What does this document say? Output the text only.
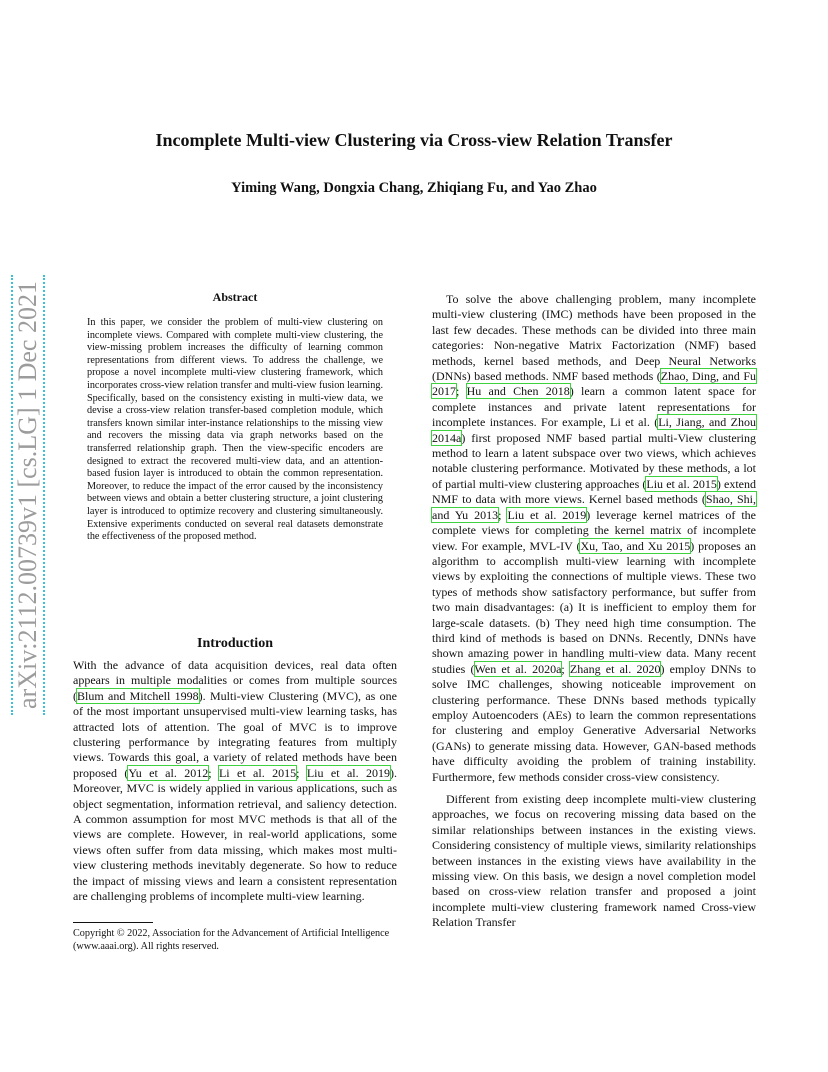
Incomplete Multi-view Clustering via Cross-view Relation Transfer
Yiming Wang, Dongxia Chang, Zhiqiang Fu, and Yao Zhao
arXiv:2112.00739v1 [cs.LG] 1 Dec 2021	Abstract
In this paper, we consider the problem of multi-view clustering on incomplete views. Compared with complete multi-view clustering, the view-missing problem increases the difficulty of learning common representations from different views. To address the challenge, we propose a novel incomplete multi-view clustering framework, which incorporates cross-view relation transfer and multi-view fusion learning. Specifically, based on the consistency existing in multi-view data, we devise a cross-view relation transfer-based completion module, which transfers known similar inter-instance relationships to the missing view and recovers the missing data via graph networks based on the transferred relationship graph. Then the view-specific encoders are designed to extract the recovered multi-view data, and an attention-based fusion layer is introduced to obtain the common representation. Moreover, to reduce the impact of the error caused by the inconsistency between views and obtain a better clustering structure, a joint clustering layer is introduced to optimize recovery and clustering simultaneously. Extensive experiments conducted on several real datasets demonstrate the effectiveness of the proposed method.
Introduction

With the advance of data acquisition devices, real data often appears in multiple modalities or comes from multiple sources (Blum and Mitchell 1998). Multi-view Clustering (MVC), as one of the most important unsupervised multi-view learning tasks, has attracted lots of attention. The goal of MVC is to improve clustering performance by integrating features from multiply views. Towards this goal, a variety of related methods have been proposed (Yu et al. 2012; Li et al. 2015; Liu et al. 2019). Moreover, MVC is widely applied in various applications, such as object segmentation, information retrieval, and saliency detection. A common assumption for most MVC methods is that all of the views are complete. However, in real-world applications, some views often suffer from data missing, which makes most multi-view clustering methods inevitably degenerate. So how to reduce the impact of missing views and learn a consistent representation are challenging problems of incomplete multi-view learning.

Copyright © 2022, Association for the Advancement of Artificial Intelligence (www.aaai.org). All rights reserved.

To solve the above challenging problem, many incomplete multi-view clustering (IMC) methods have been proposed in the last few decades. These methods can be divided into three main categories: Non-negative Matrix Factorization (NMF) based methods, kernel based methods, and Deep Neural Networks (DNNs) based methods. NMF based methods (Zhao, Ding, and Fu 2017; Hu and Chen 2018) learn a common latent space for complete instances and private latent representations for incomplete instances. For example, Li et al. (Li, Jiang, and Zhou 2014a) first proposed NMF based partial multi-View clustering method to learn a latent subspace over two views, which achieves notable clustering performance. Motivated by these methods, a lot of partial multi-view clustering approaches (Liu et al. 2015) extend NMF to data with more views. Kernel based methods (Shao, Shi, and Yu 2013; Liu et al. 2019) leverage kernel matrices of the complete views for completing the kernel matrix of incomplete view. For example, MVL-IV (Xu, Tao, and Xu 2015) proposes an algorithm to accomplish multi-view learning with incomplete views by exploiting the connections of multiple views. These two types of methods show satisfactory performance, but suffer from two main disadvantages: (a) It is inefficient to employ them for large-scale datasets. (b) They need high time consumption. The third kind of methods is based on DNNs. Recently, DNNs have shown amazing power in handling multi-view data. Many recent studies (Wen et al. 2020a; Zhang et al. 2020) employ DNNs to solve IMC challenges, showing noticeable improvement on clustering performance. These DNNs based methods typically employ Autoencoders (AEs) to learn the common representations for clustering and employ Generative Adversarial Networks (GANs) to generate missing data. However, GAN-based methods have difficulty avoiding the problem of training instability. Furthermore, few methods consider cross-view consistency.

Different from existing deep incomplete multi-view clustering approaches, we focus on recovering missing data based on the similar relationships between instances in the existing views. Considering consistency of multiple views, similarity relationships between instances in the existing views have availability in the missing view. On this basis, we design a novel completion model based on cross-view relation transfer and proposed a joint incomplete multi-view clustering framework named Cross-view Relation Transfer
